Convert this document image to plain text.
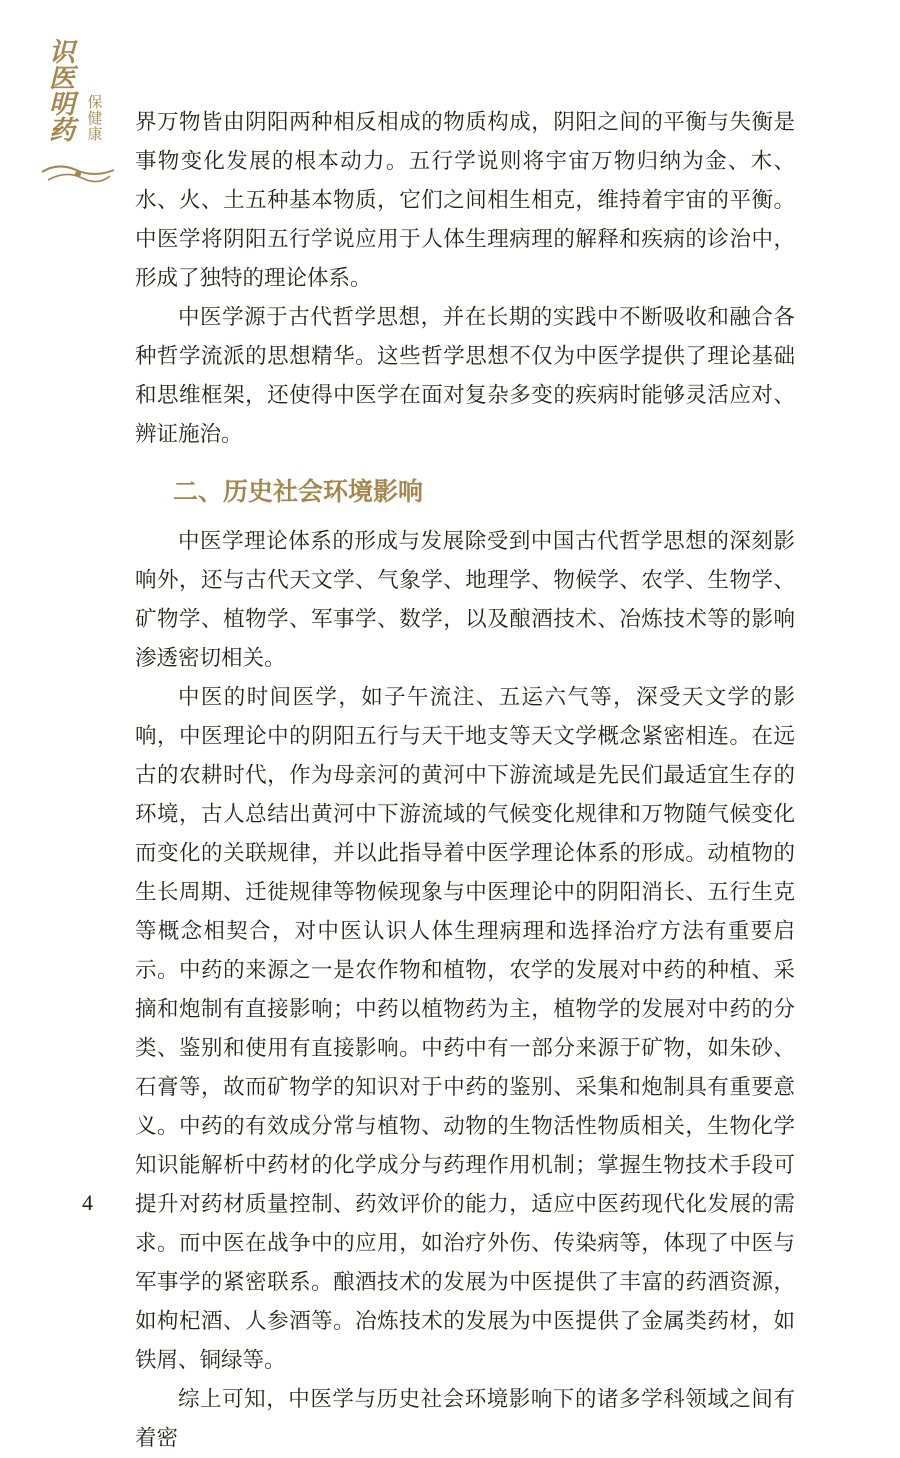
识
医
明
药
保
健
康 界万物皆由阴阳两种相反相成的物质构成，阴阳之间的平衡与失衡是事物变化发展的根本动力。五行学说则将宇宙万物归纳为金、木、水、火、土五种基本物质，它们之间相生相克，维持着宇宙的平衡。中医学将阴阳五行学说应用于人体生理病理的解释和疾病的诊治中，形成了独特的理论体系。

中医学源于古代哲学思想，并在长期的实践中不断吸收和融合各种哲学流派的思想精华。这些哲学思想不仅为中医学提供了理论基础和思维框架，还使得中医学在面对复杂多变的疾病时能够灵活应对、辨证施治。

二、历史社会环境影响

中医学理论体系的形成与发展除受到中国古代哲学思想的深刻影响外，还与古代天文学、气象学、地理学、物候学、农学、生物学、矿物学、植物学、军事学、数学，以及酿酒技术、冶炼技术等的影响渗透密切相关。

中医的时间医学，如子午流注、五运六气等，深受天文学的影响，中医理论中的阴阳五行与天干地支等天文学概念紧密相连。在远古的农耕时代，作为母亲河的黄河中下游流域是先民们最适宜生存的环境，古人总结出黄河中下游流域的气候变化规律和万物随气候变化而变化的关联规律，并以此指导着中医学理论体系的形成。动植物的生长周期、迁徙规律等物候现象与中医理论中的阴阳消长、五行生克等概念相契合，对中医认识人体生理病理和选择治疗方法有重要启示。中药的来源之一是农作物和植物，农学的发展对中药的种植、采摘和炮制有直接影响；中药以植物药为主，植物学的发展对中药的分类、鉴别和使用有直接影响。中药中有一部分来源于矿物，如朱砂、石膏等，故而矿物学的知识对于中药的鉴别、采集和炮制具有重要意义。中药的有效成分常与植物、动物的生物活性物质相关，生物化学知识能解析中药材的化学成分与药理作用机制；掌握生物技术手段可提升对药材质量控制、药效评价的能力，适应中医药现代化发展的需求。而中医在战争中的应用，如治疗外伤、传染病等，体现了中医与军事学的紧密联系。酿酒技术的发展为中医提供了丰富的药酒资源，如枸杞酒、人参酒等。冶炼技术的发展为中医提供了金属类药材，如铁屑、铜绿等。

综上可知，中医学与历史社会环境影响下的诸多学科领域之间有着密

4
